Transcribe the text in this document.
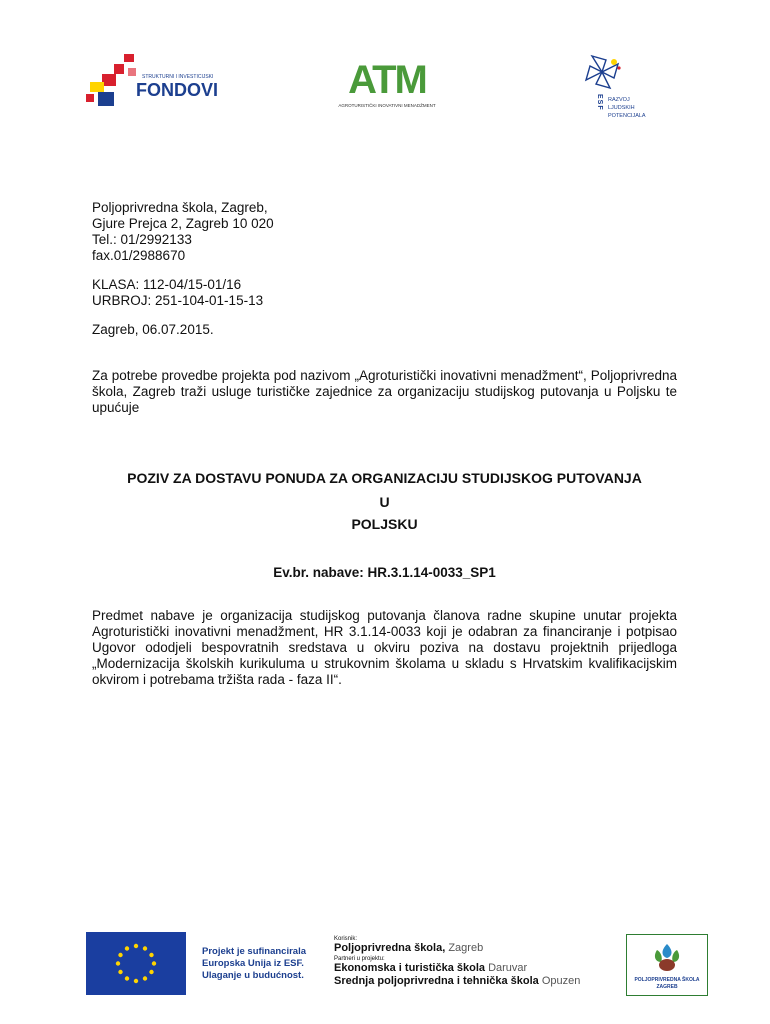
STRUKTURNI I INVESTICIJSKI
FONDOVI	ATM
AGROTURISTIČKI INOVATIVNI MENADŽMENT	ESF RAZVOJ
LJUDSKIH
POTENCIJALA
Poljoprivredna škola, Zagreb,
Gjure Prejca 2, Zagreb 10 020
Tel.: 01/2992133
fax.01/2988670
KLASA: 112-04/15-01/16
URBROJ: 251-104-01-15-13
Zagreb, 06.07.2015.
Za potrebe provedbe projekta pod nazivom „Agroturistički inovativni menadžment“, Poljoprivredna škola, Zagreb traži usluge turističke zajednice za organizaciju studijskog putovanja u Poljsku te upućuje
POZIV ZA DOSTAVU PONUDA ZA ORGANIZACIJU STUDIJSKOG PUTOVANJA
U
POLJSKU
Ev.br. nabave: HR.3.1.14-0033_SP1
Predmet nabave je organizacija studijskog putovanja članova radne skupine unutar projekta Agroturistički inovativni menadžment, HR 3.1.14-0033 koji je odabran za financiranje i potpisao Ugovor ododjeli bespovratnih sredstava u okviru poziva na dostavu projektnih prijedloga „Modernizacija školskih kurikuluma u strukovnim školama u skladu s Hrvatskim kvalifikacijskim okvirom i potrebama tržišta rada - faza II“.
Projekt je sufinancirala
Europska Unija iz ESF.
Ulaganje u budućnost.
Korisnik:
Poljoprivredna škola, Zagreb
Partneri u projektu:
Ekonomska i turistička škola Daruvar
Srednja poljoprivredna i tehnička škola Opuzen	POLJOPRIVREDNA ŠKOLA
ZAGREB
